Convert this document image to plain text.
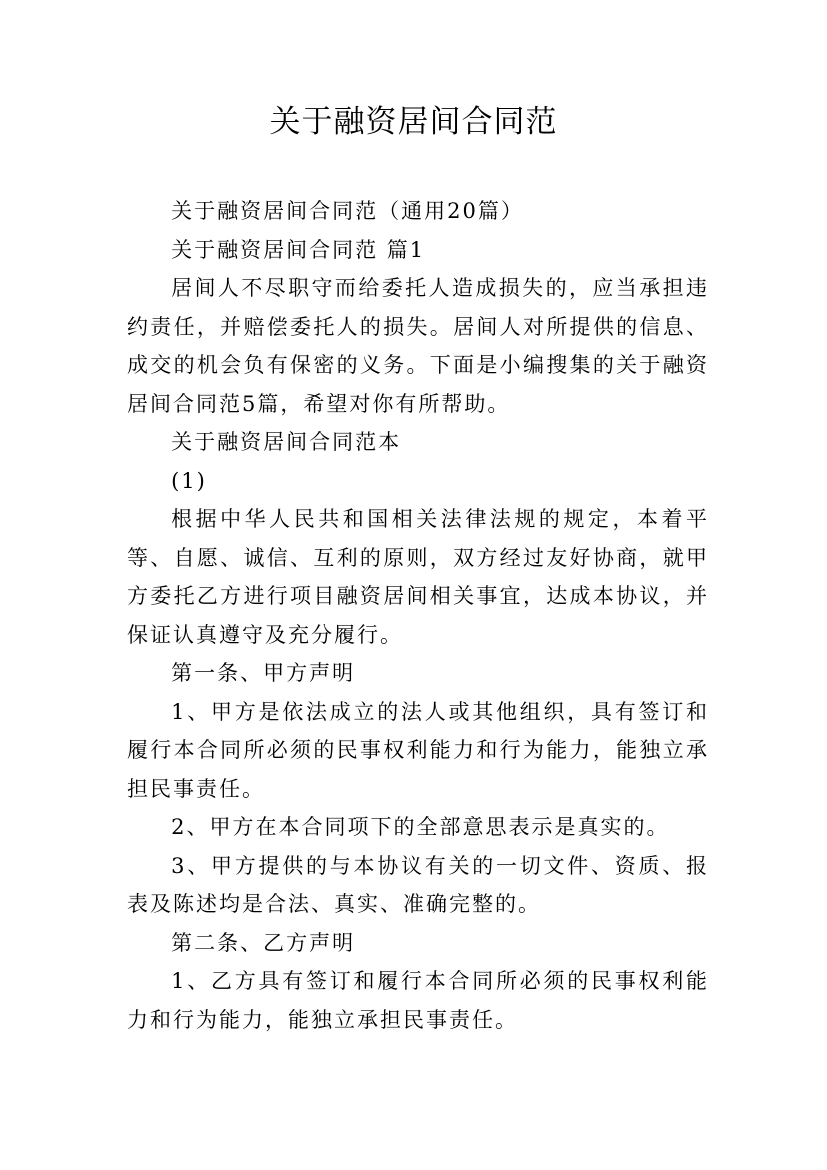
关于融资居间合同范

关于融资居间合同范（通用20篇）

关于融资居间合同范 篇1

居间人不尽职守而给委托人造成损失的，应当承担违约责任，并赔偿委托人的损失。居间人对所提供的信息、成交的机会负有保密的义务。下面是小编搜集的关于融资居间合同范5篇，希望对你有所帮助。

关于融资居间合同范本

(1)

根据中华人民共和国相关法律法规的规定，本着平等、自愿、诚信、互利的原则，双方经过友好协商，就甲方委托乙方进行项目融资居间相关事宜，达成本协议，并保证认真遵守及充分履行。

第一条、甲方声明

1、甲方是依法成立的法人或其他组织，具有签订和履行本合同所必须的民事权利能力和行为能力，能独立承担民事责任。

2、甲方在本合同项下的全部意思表示是真实的。

3、甲方提供的与本协议有关的一切文件、资质、报表及陈述均是合法、真实、准确完整的。

第二条、乙方声明

1、乙方具有签订和履行本合同所必须的民事权利能力和行为能力，能独立承担民事责任。
